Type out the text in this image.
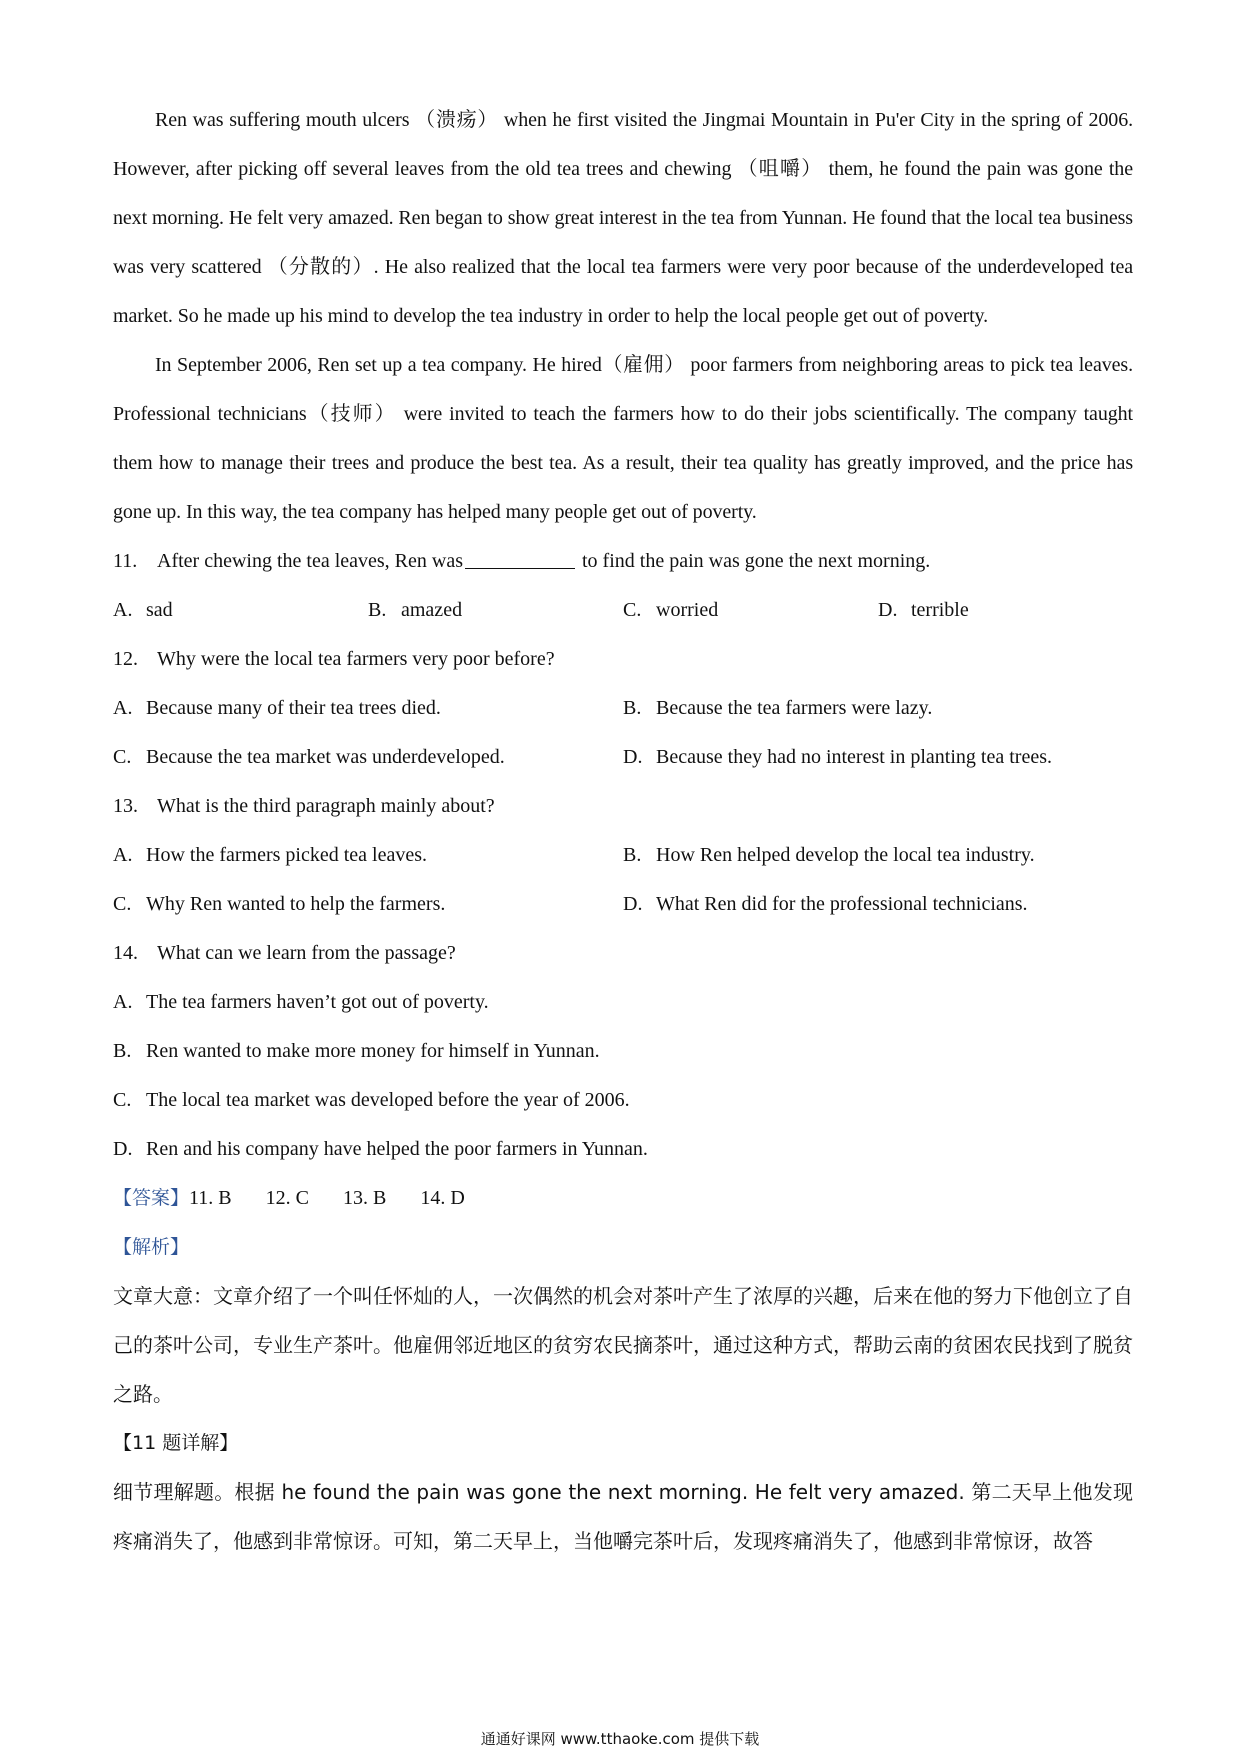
Ren was suffering mouth ulcers （溃疡） when he first visited the Jingmai Mountain in Pu'er City in the spring of 2006. However, after picking off several leaves from the old tea trees and chewing （咀嚼） them, he found the pain was gone the next morning. He felt very amazed. Ren began to show great interest in the tea from Yunnan. He found that the local tea business was very scattered （分散的）. He also realized that the local tea farmers were very poor because of the underdeveloped tea market. So he made up his mind to develop the tea industry in order to help the local people get out of poverty.

In September 2006, Ren set up a tea company. He hired（雇佣） poor farmers from neighboring areas to pick tea leaves. Professional technicians（技师） were invited to teach the farmers how to do their jobs scientifically. The company taught them how to manage their trees and produce the best tea. As a result, their tea quality has greatly improved, and the price has gone up. In this way, the tea company has helped many people get out of poverty.

11. After chewing the tea leaves, Ren was	to find the pain was gone the next morning.
A. sad	B. amazed	C. worried	D. terrible
12. Why were the local tea farmers very poor before?
A. Because many of their tea trees died.	B. Because the tea farmers were lazy.
C. Because the tea market was underdeveloped.	D. Because they had no interest in planting tea trees.
13. What is the third paragraph mainly about?
A. How the farmers picked tea leaves.	B. How Ren helped develop the local tea industry.
C. Why Ren wanted to help the farmers.	D. What Ren did for the professional technicians.
14. What can we learn from the passage?
A. The tea farmers haven’t got out of poverty.
B. Ren wanted to make more money for himself in Yunnan.
C. The local tea market was developed before the year of 2006.
D. Ren and his company have helped the poor farmers in Yunnan.
【答案】11. B 12. C 13. B 14. D
【解析】

文章大意：文章介绍了一个叫任怀灿的人，一次偶然的机会对茶叶产生了浓厚的兴趣，后来在他的努力下他创立了自己的茶叶公司，专业生产茶叶。他雇佣邻近地区的贫穷农民摘茶叶，通过这种方式，帮助云南的贫困农民找到了脱贫之路。

【11 题详解】

细节理解题。根据 he found the pain was gone the next morning. He felt very amazed. 第二天早上他发现疼痛消失了，他感到非常惊讶。可知，第二天早上，当他嚼完茶叶后，发现疼痛消失了，他感到非常惊讶，故答

通通好课网 www.tthaoke.com 提供下载
